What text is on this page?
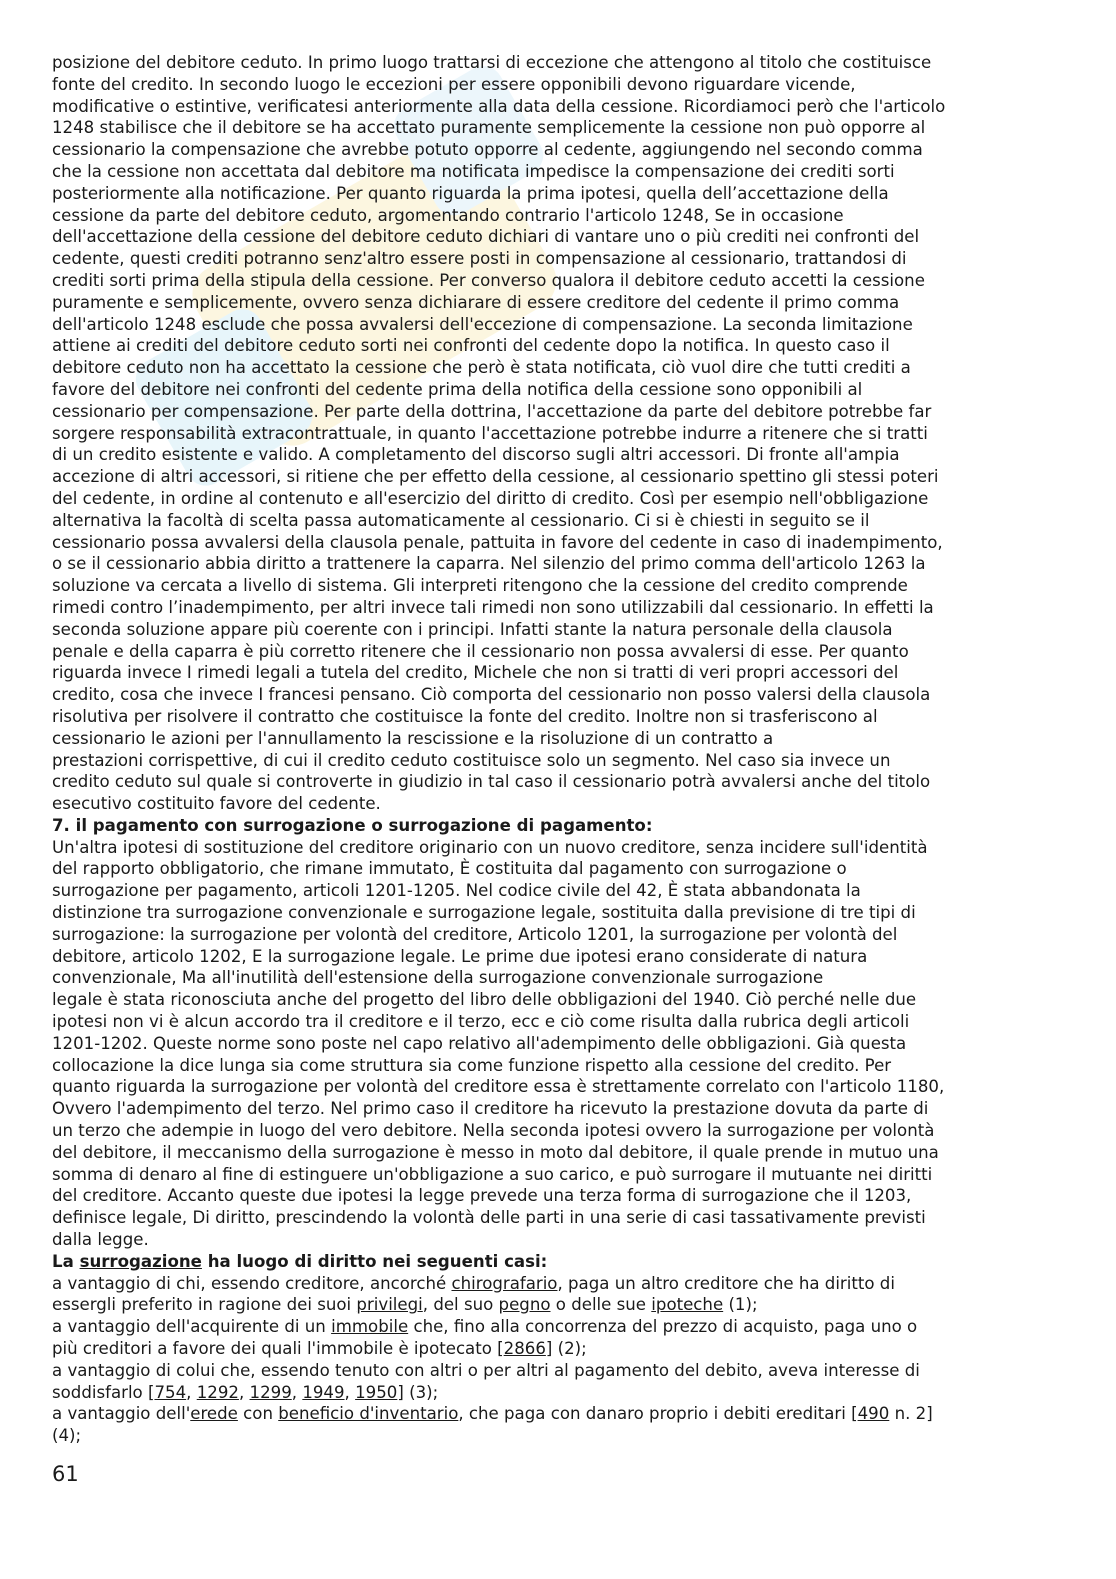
posizione del debitore ceduto. In primo luogo trattarsi di eccezione che attengono al titolo che costituisce
fonte del credito. In secondo luogo le eccezioni per essere opponibili devono riguardare vicende,
modificative o estintive, verificatesi anteriormente alla data della cessione. Ricordiamoci però che l'articolo
1248 stabilisce che il debitore se ha accettato puramente semplicemente la cessione non può opporre al
cessionario la compensazione che avrebbe potuto opporre al cedente, aggiungendo nel secondo comma
che la cessione non accettata dal debitore ma notificata impedisce la compensazione dei crediti sorti
posteriormente alla notificazione. Per quanto riguarda la prima ipotesi, quella dell’accettazione della
cessione da parte del debitore ceduto, argomentando contrario l'articolo 1248, Se in occasione
dell'accettazione della cessione del debitore ceduto dichiari di vantare uno o più crediti nei confronti del
cedente, questi crediti potranno senz'altro essere posti in compensazione al cessionario, trattandosi di
crediti sorti prima della stipula della cessione. Per converso qualora il debitore ceduto accetti la cessione
puramente e semplicemente, ovvero senza dichiarare di essere creditore del cedente il primo comma
dell'articolo 1248 esclude che possa avvalersi dell'eccezione di compensazione. La seconda limitazione
attiene ai crediti del debitore ceduto sorti nei confronti del cedente dopo la notifica. In questo caso il
debitore ceduto non ha accettato la cessione che però è stata notificata, ciò vuol dire che tutti crediti a
favore del debitore nei confronti del cedente prima della notifica della cessione sono opponibili al
cessionario per compensazione. Per parte della dottrina, l'accettazione da parte del debitore potrebbe far
sorgere responsabilità extracontrattuale, in quanto l'accettazione potrebbe indurre a ritenere che si tratti
di un credito esistente e valido. A completamento del discorso sugli altri accessori. Di fronte all'ampia
accezione di altri accessori, si ritiene che per effetto della cessione, al cessionario spettino gli stessi poteri
del cedente, in ordine al contenuto e all'esercizio del diritto di credito. Così per esempio nell'obbligazione
alternativa la facoltà di scelta passa automaticamente al cessionario. Ci si è chiesti in seguito se il
cessionario possa avvalersi della clausola penale, pattuita in favore del cedente in caso di inadempimento,
o se il cessionario abbia diritto a trattenere la caparra. Nel silenzio del primo comma dell'articolo 1263 la
soluzione va cercata a livello di sistema. Gli interpreti ritengono che la cessione del credito comprende
rimedi contro l’inadempimento, per altri invece tali rimedi non sono utilizzabili dal cessionario. In effetti la
seconda soluzione appare più coerente con i principi. Infatti stante la natura personale della clausola
penale e della caparra è più corretto ritenere che il cessionario non possa avvalersi di esse. Per quanto
riguarda invece I rimedi legali a tutela del credito, Michele che non si tratti di veri propri accessori del
credito, cosa che invece I francesi pensano. Ciò comporta del cessionario non posso valersi della clausola
risolutiva per risolvere il contratto che costituisce la fonte del credito. Inoltre non si trasferiscono al
cessionario le azioni per l'annullamento la rescissione e la risoluzione di un contratto a
prestazioni corrispettive, di cui il credito ceduto costituisce solo un segmento. Nel caso sia invece un
credito ceduto sul quale si controverte in giudizio in tal caso il cessionario potrà avvalersi anche del titolo
esecutivo costituito favore del cedente.
7. il pagamento con surrogazione o surrogazione di pagamento:
Un'altra ipotesi di sostituzione del creditore originario con un nuovo creditore, senza incidere sull'identità
del rapporto obbligatorio, che rimane immutato, È costituita dal pagamento con surrogazione o
surrogazione per pagamento, articoli 1201-1205. Nel codice civile del 42, È stata abbandonata la
distinzione tra surrogazione convenzionale e surrogazione legale, sostituita dalla previsione di tre tipi di
surrogazione: la surrogazione per volontà del creditore, Articolo 1201, la surrogazione per volontà del
debitore, articolo 1202, E la surrogazione legale. Le prime due ipotesi erano considerate di natura
convenzionale, Ma all'inutilità dell'estensione della surrogazione convenzionale surrogazione
legale è stata riconosciuta anche del progetto del libro delle obbligazioni del 1940. Ciò perché nelle due
ipotesi non vi è alcun accordo tra il creditore e il terzo, ecc e ciò come risulta dalla rubrica degli articoli
1201-1202. Queste norme sono poste nel capo relativo all'adempimento delle obbligazioni. Già questa
collocazione la dice lunga sia come struttura sia come funzione rispetto alla cessione del credito. Per
quanto riguarda la surrogazione per volontà del creditore essa è strettamente correlato con l'articolo 1180,
Ovvero l'adempimento del terzo. Nel primo caso il creditore ha ricevuto la prestazione dovuta da parte di
un terzo che adempie in luogo del vero debitore. Nella seconda ipotesi ovvero la surrogazione per volontà
del debitore, il meccanismo della surrogazione è messo in moto dal debitore, il quale prende in mutuo una
somma di denaro al fine di estinguere un'obbligazione a suo carico, e può surrogare il mutuante nei diritti
del creditore. Accanto queste due ipotesi la legge prevede una terza forma di surrogazione che il 1203,
definisce legale, Di diritto, prescindendo la volontà delle parti in una serie di casi tassativamente previsti
dalla legge.
La surrogazione ha luogo di diritto nei seguenti casi:
a vantaggio di chi, essendo creditore, ancorché chirografario, paga un altro creditore che ha diritto di
essergli preferito in ragione dei suoi privilegi, del suo pegno o delle sue ipoteche (1);
a vantaggio dell'acquirente di un immobile che, fino alla concorrenza del prezzo di acquisto, paga uno o
più creditori a favore dei quali l'immobile è ipotecato [2866] (2);
a vantaggio di colui che, essendo tenuto con altri o per altri al pagamento del debito, aveva interesse di
soddisfarlo [754, 1292, 1299, 1949, 1950] (3);
a vantaggio dell'erede con beneficio d'inventario, che paga con danaro proprio i debiti ereditari [490 n. 2]
(4);
61
